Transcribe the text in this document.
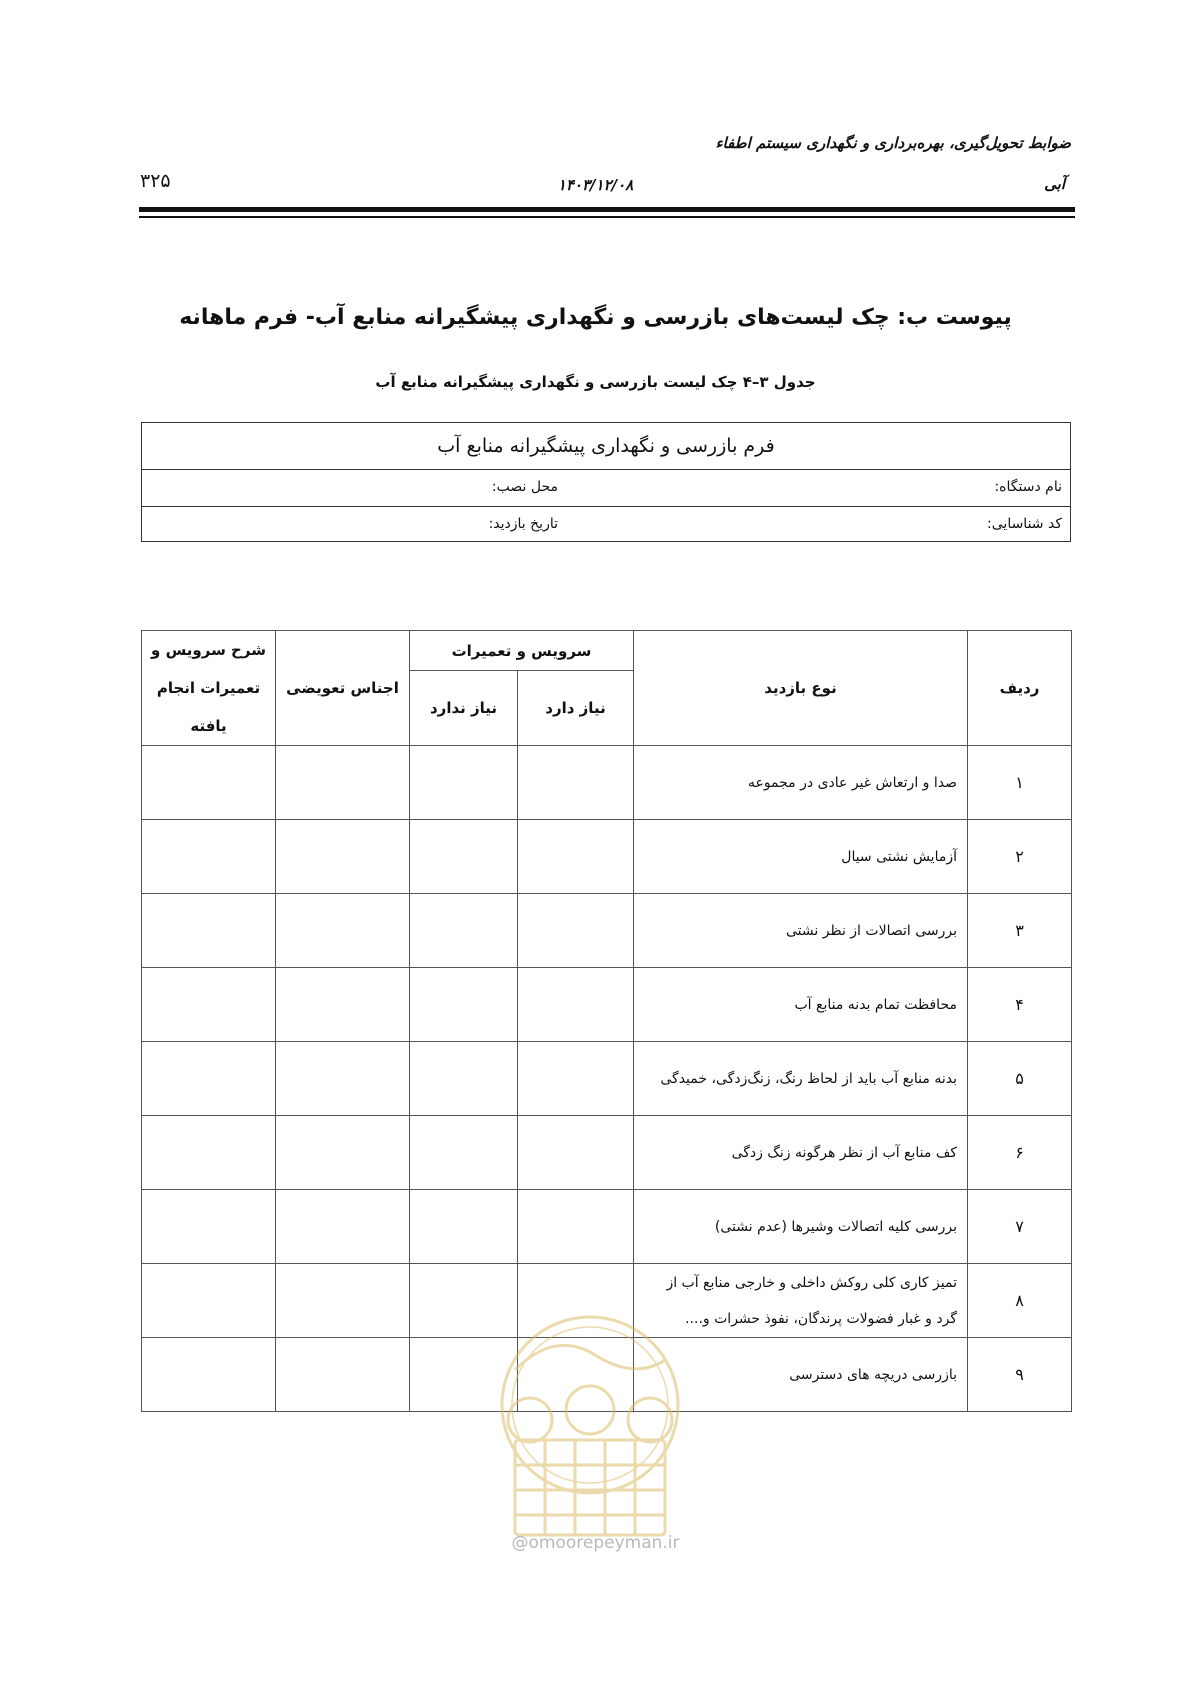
ضوابط تحویل‌گیری، بهره‌برداری و نگهداری سیستم اطفاء
آبی
۱۴۰۳/۱۲/۰۸
۳۲۵
پیوست ب: چک لیست‌های بازرسی و نگهداری پیشگیرانه منابع آب- فرم ماهانه
جدول ۳–۴ چک لیست بازرسی و نگهداری پیشگیرانه منابع آب
فرم بازرسی و نگهداری پیشگیرانه منابع آب
نام دستگاه:
محل نصب:
کد شناسایی:
تاریخ بازدید:
ردیف	نوع بازدید	سرویس و تعمیرات		اجناس تعویضی	شرح سرویس و
تعمیرات انجام
یافته

		نیاز دارد	نیاز ندارد		
۱	صدا و ارتعاش غیر عادی در مجموعه				
۲	آزمایش نشتی سیال				
۳	بررسی اتصالات از نظر نشتی				
۴	محافظت تمام بدنه منابع آب				
۵	بدنه منابع آب باید از لحاظ رنگ، زنگ‌زدگی، خمیدگی				
۶	کف منابع آب از نظر هرگونه زنگ زدگی				
۷	بررسی کلیه اتصالات وشیرها (عدم نشتی)				
۸	تمیز کاری کلی روکش داخلی و خارجی منابع آب از گرد و غبار فضولات پرندگان، نفوذ حشرات و....				
۹	بازرسی دریچه های دسترسی				
@omoorepeyman.ir
